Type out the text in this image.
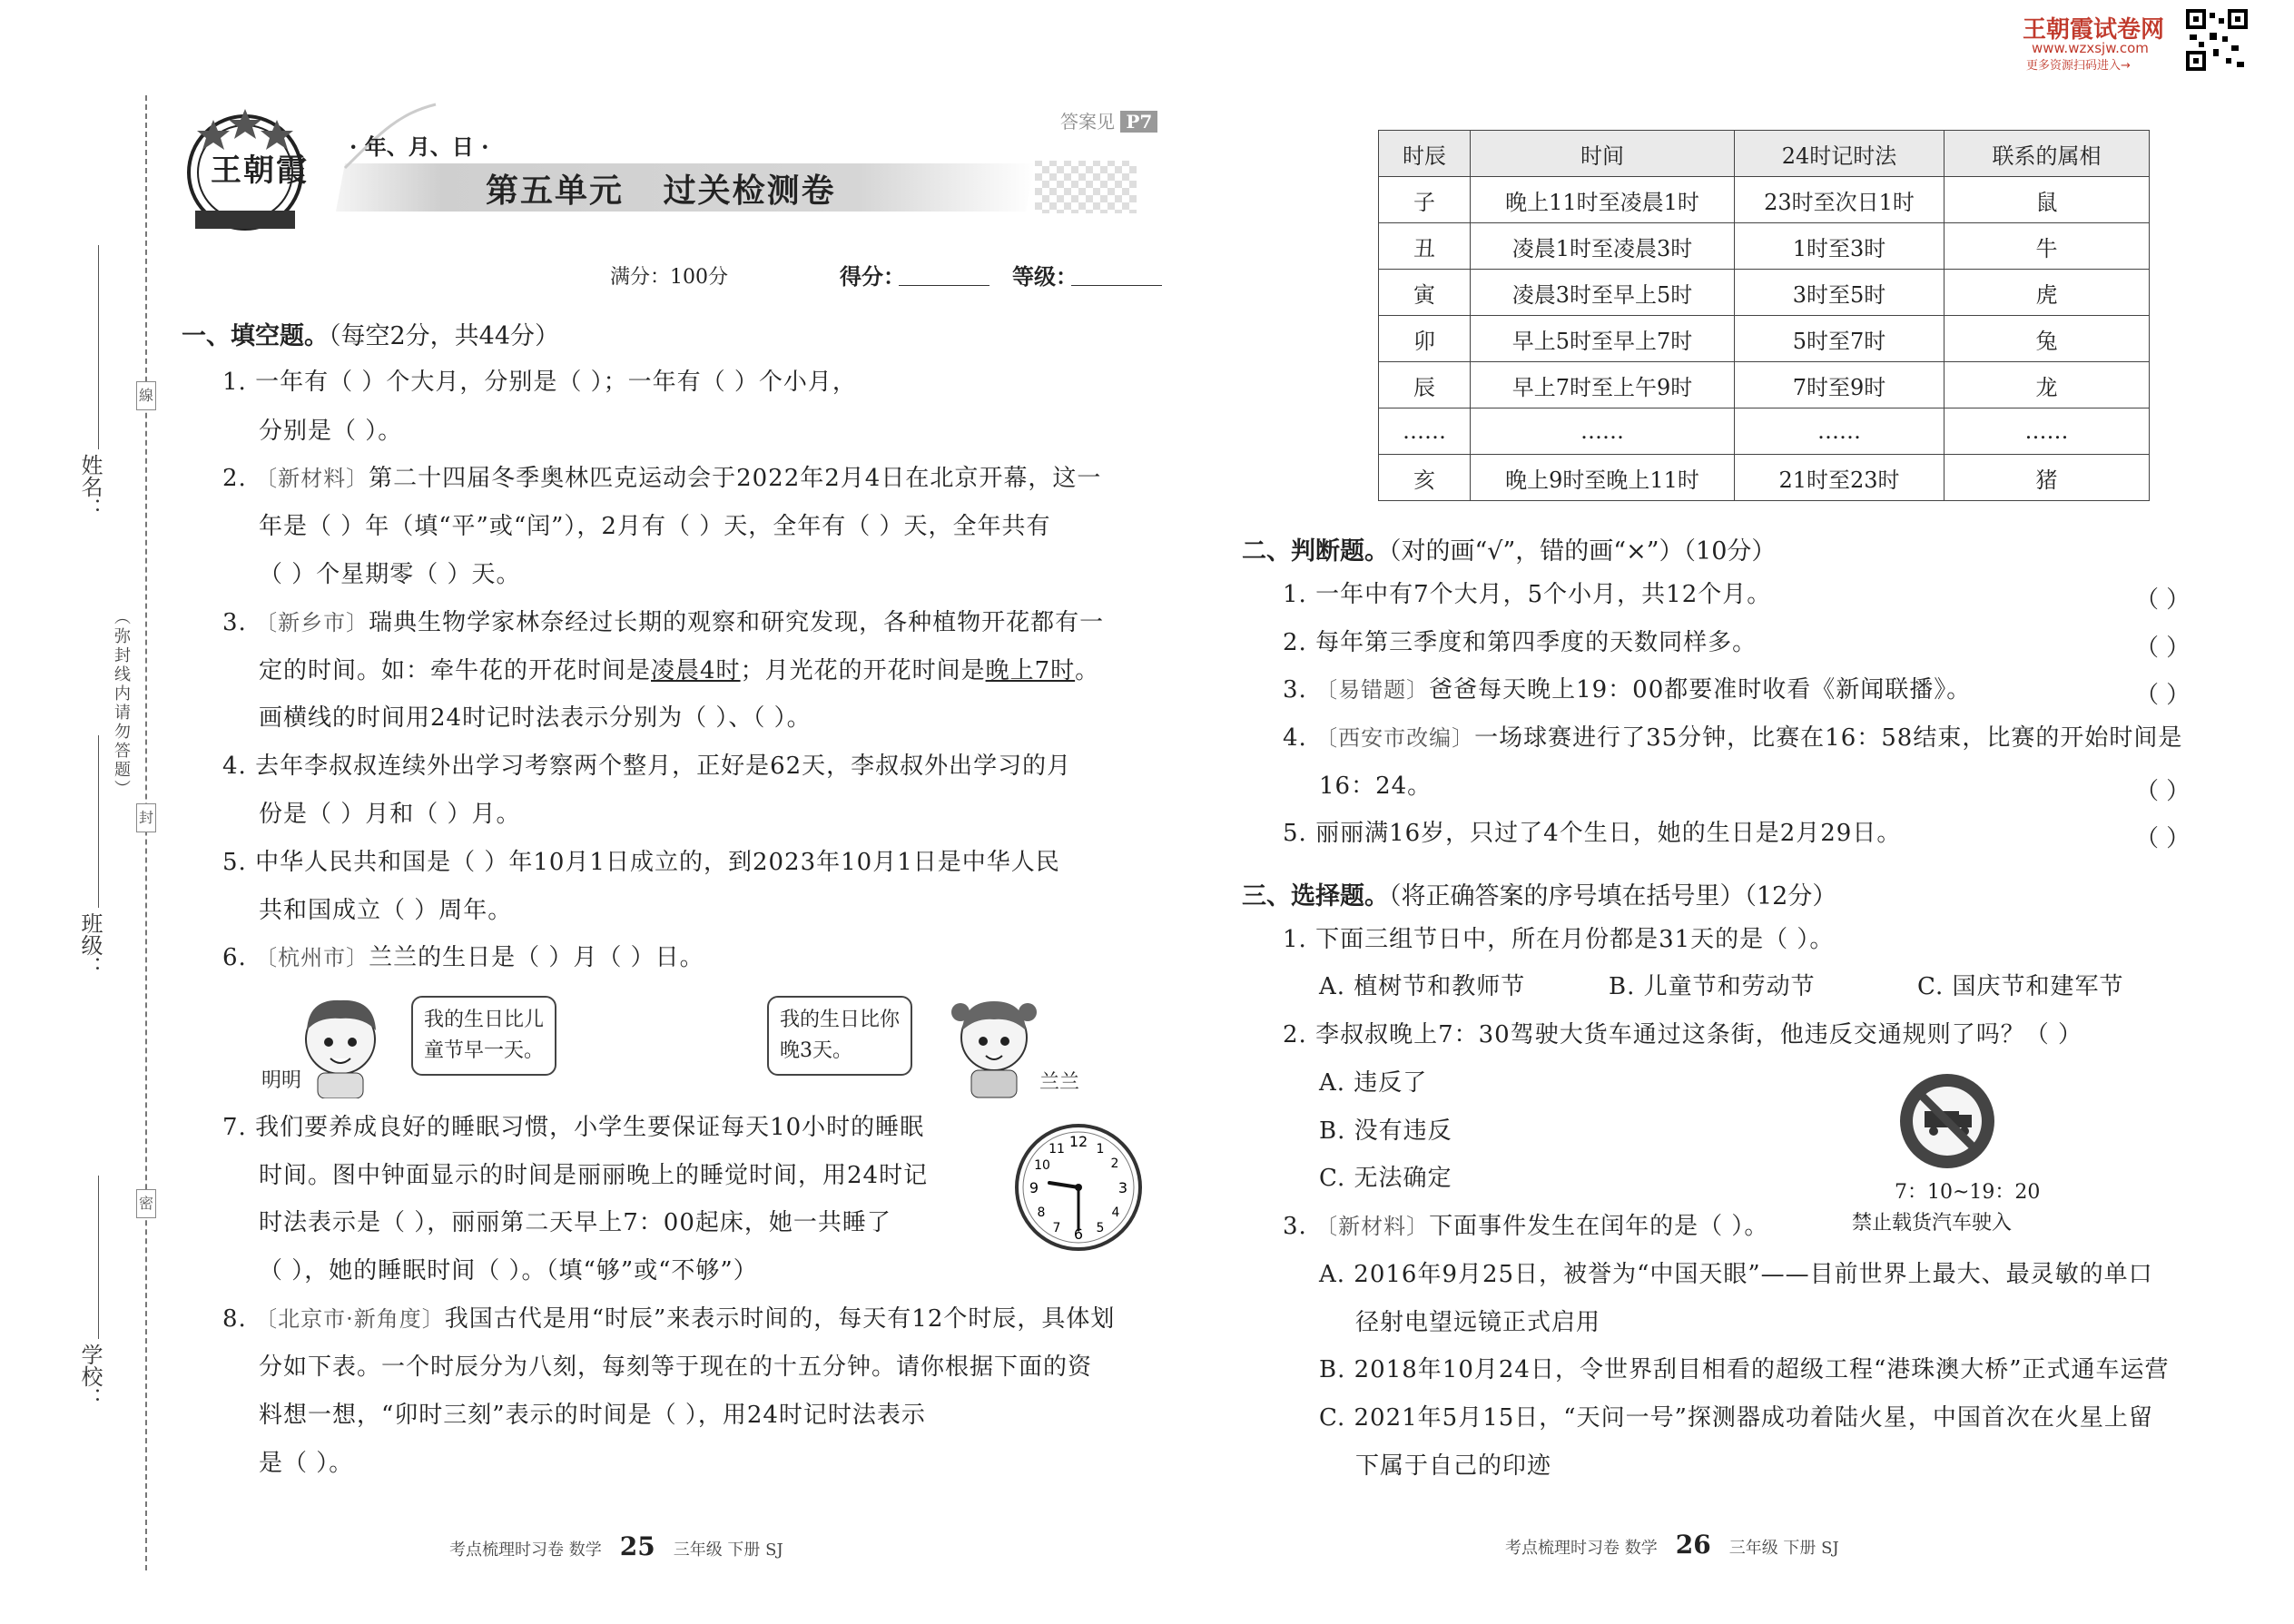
線
封
密
（弥封线内请勿答题）
姓名：
班级：
学校：
王朝霞
· 年、月、日 ·
答案见 P7
第五单元   过关检测卷
满分：100分	得分：	等级：
一、填空题。（每空2分，共44分）
1. 一年有（ ）个大月，分别是（ ）；一年有（ ）个小月，
分别是（ ）。
2. 〔新材料〕第二十四届冬季奥林匹克运动会于2022年2月4日在北京开幕，这一
年是（ ）年（填“平”或“闰”），2月有（ ）天，全年有（ ）天，全年共有
（ ）个星期零（ ）天。
3. 〔新乡市〕瑞典生物学家林奈经过长期的观察和研究发现，各种植物开花都有一
定的时间。如：牵牛花的开花时间是凌晨4时；月光花的开花时间是晚上7时。
画横线的时间用24时记时法表示分别为（ ）、（ ）。
4. 去年李叔叔连续外出学习考察两个整月，正好是62天，李叔叔外出学习的月
份是（ ）月和（ ）月。
5. 中华人民共和国是（ ）年10月1日成立的，到2023年10月1日是中华人民
共和国成立（ ）周年。
6. 〔杭州市〕兰兰的生日是（ ）月（ ）日。
我的生日比儿
童节早一天。
明明
我的生日比你
晚3天。
兰兰
7. 我们要养成良好的睡眠习惯，小学生要保证每天10小时的睡眠
时间。图中钟面显示的时间是丽丽晚上的睡觉时间，用24时记
时法表示是（ ），丽丽第二天早上7：00起床，她一共睡了
（ ），她的睡眠时间（ ）。（填“够”或“不够”）
12 1
2
3
4
5
6
7
8
9
10
11
8. 〔北京市·新角度〕我国古代是用“时辰”来表示时间的，每天有12个时辰，具体划
分如下表。一个时辰分为八刻，每刻等于现在的十五分钟。请你根据下面的资
料想一想，“卯时三刻”表示的时间是（ ），用24时记时法表示
是（ ）。
考点梳理时习卷 数学 25 三年级 下册 SJ
王朝霞试卷网
www.wzxsjw.com
更多资源扫码进入→
时辰	时间	24时记时法	联系的属相
子	晚上11时至凌晨1时	23时至次日1时	鼠
丑	凌晨1时至凌晨3时	1时至3时	牛
寅	凌晨3时至早上5时	3时至5时	虎
卯	早上5时至早上7时	5时至7时	兔
辰	早上7时至上午9时	7时至9时	龙
……	……	……	……
亥	晚上9时至晚上11时	21时至23时	猪
二、判断题。（对的画“√”，错的画“×”）（10分）
1. 一年中有7个大月，5个小月，共12个月。	（ ）
2. 每年第三季度和第四季度的天数同样多。	（ ）
3. 〔易错题〕爸爸每天晚上19：00都要准时收看《新闻联播》。	（ ）
4. 〔西安市改编〕一场球赛进行了35分钟，比赛在16：58结束，比赛的开始时间是
16：24。	（ ）
5. 丽丽满16岁，只过了4个生日，她的生日是2月29日。	（ ）
三、选择题。（将正确答案的序号填在括号里）（12分）
1. 下面三组节日中，所在月份都是31天的是（ ）。
A. 植树节和教师节	B. 儿童节和劳动节	C. 国庆节和建军节
2. 李叔叔晚上7：30驾驶大货车通过这条街，他违反交通规则了吗？（ ）
A. 违反了
B. 没有违反
C. 无法确定
7：10~19：20
禁止载货汽车驶入
3. 〔新材料〕下面事件发生在闰年的是（ ）。
A. 2016年9月25日，被誉为“中国天眼”——目前世界上最大、最灵敏的单口
径射电望远镜正式启用
B. 2018年10月24日，令世界刮目相看的超级工程“港珠澳大桥”正式通车运营
C. 2021年5月15日，“天问一号”探测器成功着陆火星，中国首次在火星上留
下属于自己的印迹
考点梳理时习卷 数学 26 三年级 下册 SJ
